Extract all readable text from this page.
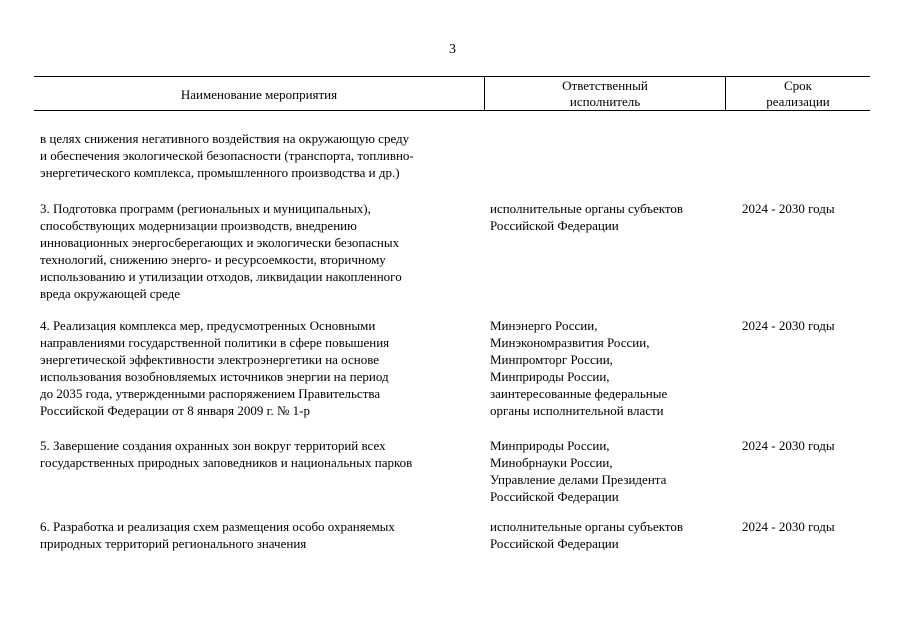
3
Наименование мероприятия
Ответственный
исполнитель
Срок
реализации
в целях снижения негативного воздействия на окружающую среду
и обеспечения экологической безопасности (транспорта, топливно-
энергетического комплекса, промышленного производства и др.)
3. Подготовка программ (региональных и муниципальных),
способствующих модернизации производств, внедрению
инновационных энергосберегающих и экологически безопасных
технологий, снижению энерго- и ресурсоемкости, вторичному
использованию и утилизации отходов, ликвидации накопленного
вреда окружающей среде
исполнительные органы субъектов
Российской Федерации
2024 - 2030 годы
4. Реализация комплекса мер, предусмотренных Основными
направлениями государственной политики в сфере повышения
энергетической эффективности электроэнергетики на основе
использования возобновляемых источников энергии на период
до 2035 года, утвержденными распоряжением Правительства
Российской Федерации от 8 января 2009 г. № 1-р
Минэнерго России,
Минэкономразвития России,
Минпромторг России,
Минприроды России,
заинтересованные федеральные
органы исполнительной власти
2024 - 2030 годы
5. Завершение создания охранных зон вокруг территорий всех
государственных природных заповедников и национальных парков
Минприроды России,
Минобрнауки России,
Управление делами Президента
Российской Федерации
2024 - 2030 годы
6. Разработка и реализация схем размещения особо охраняемых
природных территорий регионального значения
исполнительные органы субъектов
Российской Федерации
2024 - 2030 годы
